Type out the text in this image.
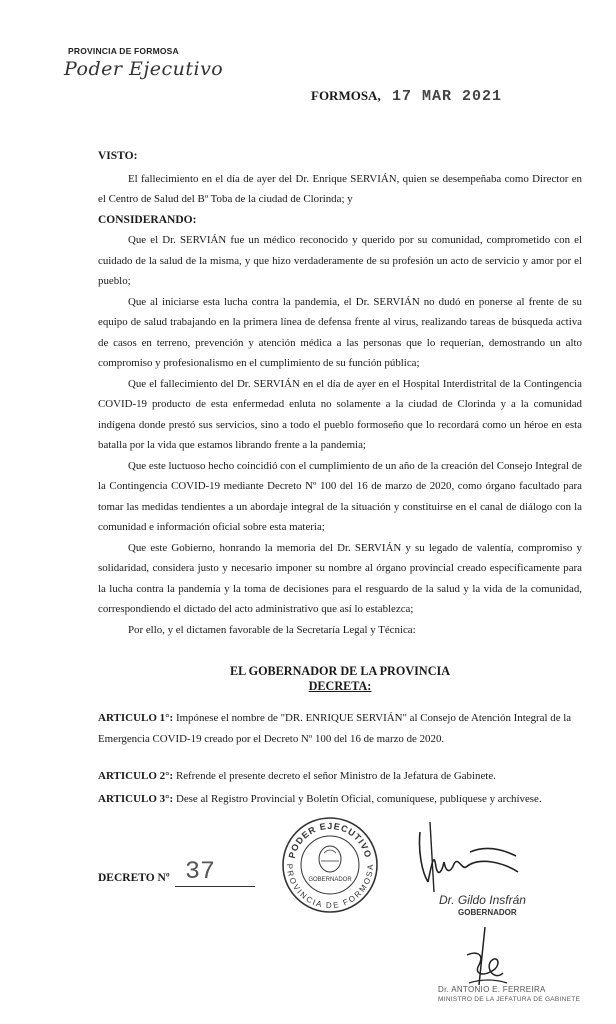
PROVINCIA DE FORMOSA
Poder Ejecutivo
FORMOSA, 17 MAR 2021

VISTO:

El fallecimiento en el día de ayer del Dr. Enrique SERVIÁN, quien se desempeñaba como Director en el Centro de Salud del Bº Toba de la ciudad de Clorinda; y

CONSIDERANDO:

Que el Dr. SERVIÁN fue un médico reconocido y querido por su comunidad, comprometido con el cuidado de la salud de la misma, y que hizo verdaderamente de su profesión un acto de servicio y amor por el pueblo;

Que al iniciarse esta lucha contra la pandemia, el Dr. SERVIÁN no dudó en ponerse al frente de su equipo de salud trabajando en la primera línea de defensa frente al virus, realizando tareas de búsqueda activa de casos en terreno, prevención y atención médica a las personas que lo requerían, demostrando un alto compromiso y profesionalismo en el cumplimiento de su función pública;

Que el fallecimiento del Dr. SERVIÁN en el día de ayer en el Hospital Interdistrital de la Contingencia COVID-19 producto de esta enfermedad enluta no solamente a la ciudad de Clorinda y a la comunidad indígena donde prestó sus servicios, sino a todo el pueblo formoseño que lo recordará como un héroe en esta batalla por la vida que estamos librando frente a la pandemia;

Que este luctuoso hecho coincidió con el cumplimiento de un año de la creación del Consejo Integral de la Contingencia COVID-19 mediante Decreto Nº 100 del 16 de marzo de 2020, como órgano facultado para tomar las medidas tendientes a un abordaje integral de la situación y constituirse en el canal de diálogo con la comunidad e información oficial sobre esta materia;

Que este Gobierno, honrando la memoria del Dr. SERVIÁN y su legado de valentía, compromiso y solidaridad, considera justo y necesario imponer su nombre al órgano provincial creado específicamente para la lucha contra la pandemia y la toma de decisiones para el resguardo de la salud y la vida de la comunidad, correspondiendo el dictado del acto administrativo que así lo establezca;

Por ello, y el dictamen favorable de la Secretaría Legal y Técnica:

EL GOBERNADOR DE LA PROVINCIA
DECRETA:
ARTICULO 1°: Impónese el nombre de "DR. ENRIQUE SERVIÁN" al Consejo de Atención Integral de la Emergencia COVID-19 creado por el Decreto Nº 100 del 16 de marzo de 2020.
ARTICULO 2°: Refrende el presente decreto el señor Ministro de la Jefatura de Gabinete.
ARTICULO 3°: Dese al Registro Provincial y Boletín Oficial, comuníquese, publíquese y archívese.
DECRETO Nº 37
PODER EJECUTIVO
PROVINCIA DE FORMOSA
GOBERNADOR
Dr. Gildo Insfrán
GOBERNADOR
Dr. ANTONIO E. FERREIRA
MINISTRO DE LA JEFATURA DE GABINETE
